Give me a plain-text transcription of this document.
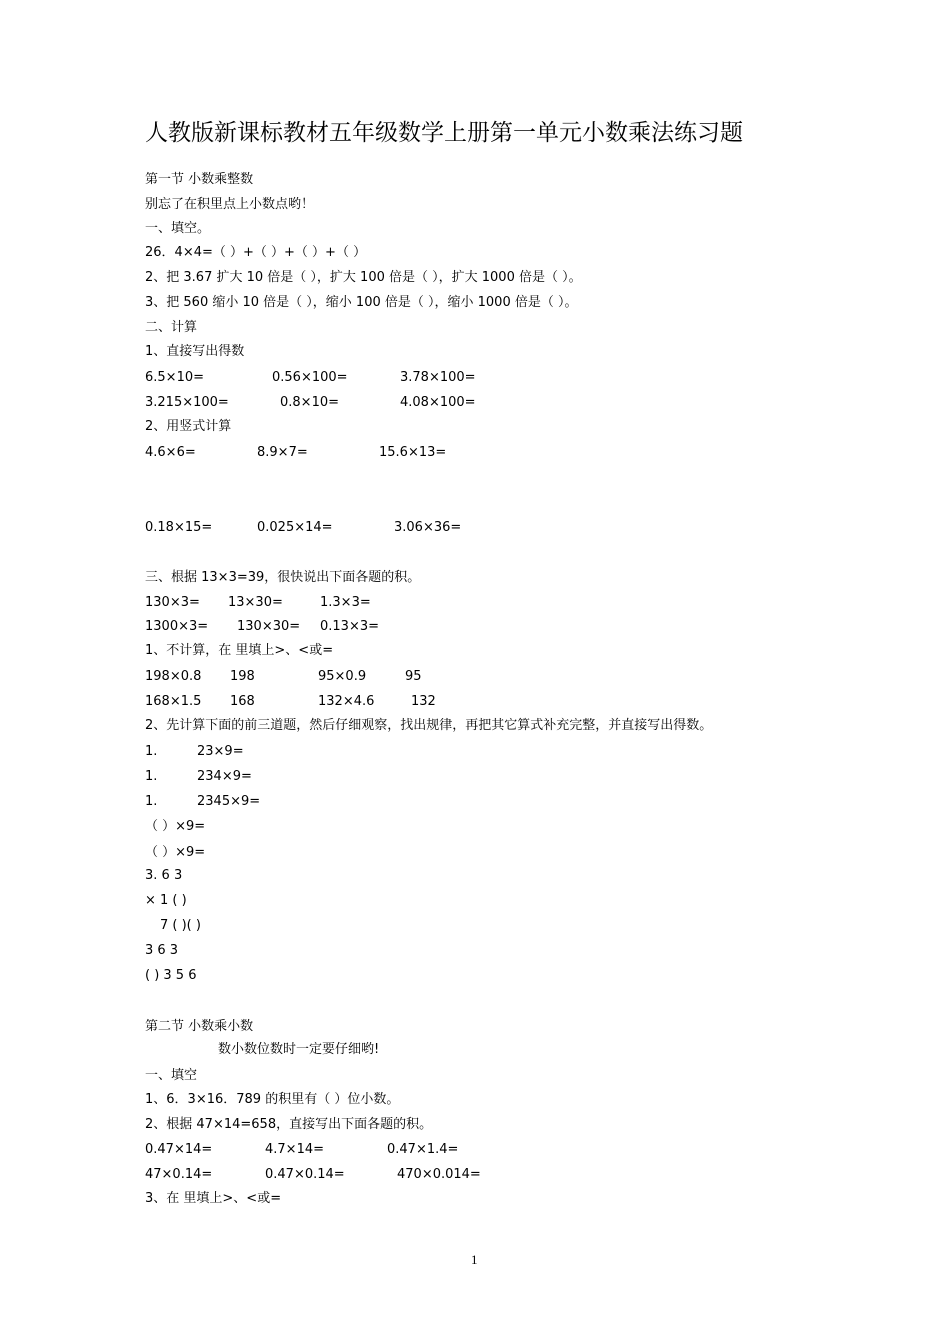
人教版新课标教材五年级数学上册第一单元小数乘法练习题
第一节 小数乘整数
别忘了在积里点上小数点哟！
一、填空。
26．4×4=（ ）+（ ）+（ ）+（ ）
2、把 3.67 扩大 10 倍是（ ），扩大 100 倍是（ ），扩大 1000 倍是（ ）。
3、把 560 缩小 10 倍是（ ），缩小 100 倍是（ ），缩小 1000 倍是（ ）。
二、计算
1、直接写出得数
6.5×10=	0.56×100=	3.78×100=
3.215×100=	0.8×10=	4.08×100=
2、用竖式计算
4.6×6=	8.9×7=	15.6×13=
0.18×15=	0.025×14=	3.06×36=
三、根据 13×3=39，很快说出下面各题的积。
130×3= 13×30=	1.3×3=
1300×3= 130×30= 0.13×3=
1、不计算，在 里填上>、<或=
198×0.8 198	95×0.9	95
168×1.5 168	132×4.6	132
2、先计算下面的前三道题，然后仔细观察，找出规律，再把其它算式补充完整，并直接写出得数。
1.	23×9=
1.	234×9=
1.	2345×9=
（ ）×9=
（ ）×9=
3. 6 3
× 1 ( )
7 ( )( )
3 6 3
( ) 3 5 6
第二节 小数乘小数
数小数位数时一定要仔细哟!
一、填空
1、6．3×16．789 的积里有（ ）位小数。
2、根据 47×14=658，直接写出下面各题的积。
0.47×14=	4.7×14=	0.47×1.4=
47×0.14=	0.47×0.14=	470×0.014=
3、在 里填上>、<或=
1
